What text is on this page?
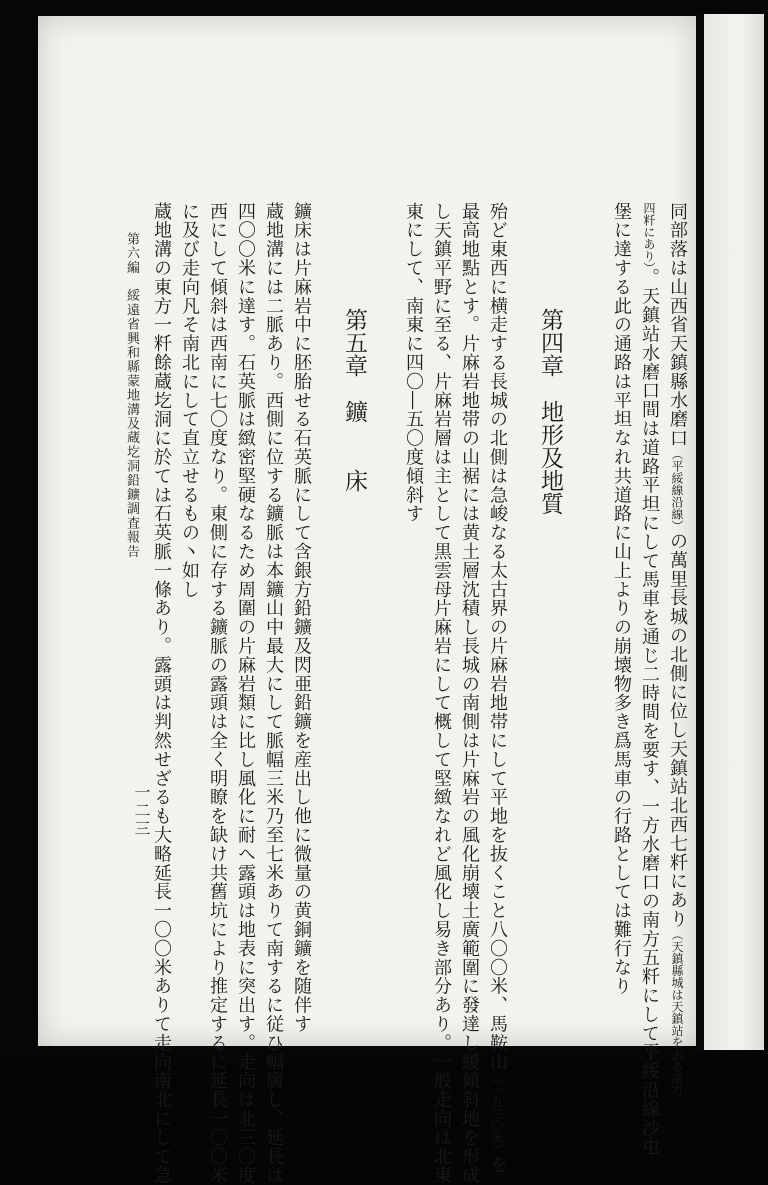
同部落は山西省天鎮縣水磨口（平綏線沿線）の萬里長城の北側に位し天鎮站北西七粁にあり（天鎮縣城は天鎮站を去る南方
四粁にあり）。天鎮站水磨口間は道路平坦にして馬車を通じ二時間を要す、一方水磨口の南方五粁にして平綏沿線沙屯
堡に達する此の通路は平坦なれ共道路に山上よりの崩壊物多き爲馬車の行路としては難行なり
第四章　地形及地質
殆ど東西に横走する長城の北側は急峻なる太古界の片麻岩地帯にして平地を抜くこと八〇〇米、馬鞍山（一九三〇米）を
最高地點とす。片麻岩地帯の山裾には黄土層沈積し長城の南側は片麻岩の風化崩壊土廣範圍に發達し緩傾斜地を形成
し天鎮平野に至る、片麻岩層は主として黒雲母片麻岩にして概して堅緻なれど風化し易き部分あり。一般走向は北東
東にして、南東に四〇―五〇度傾斜す
第五章　鑛　　床
鑛床は片麻岩中に胚胎せる石英脈にして含銀方鉛鑛及閃亜鉛鑛を産出し他に微量の黄銅鑛を随伴す
蔵地溝には二脈あり。西側に位する鑛脈は本鑛山中最大にして脈幅三米乃至七米ありて南するに従ひ幅廣し、延長は
四〇〇米に達す。石英脈は緻密堅硬なるため周圍の片麻岩類に比し風化に耐へ露頭は地表に突出す。走向は北三〇度
西にして傾斜は西南に七〇度なり。東側に存する鑛脈の露頭は全く明瞭を缺け共舊坑により推定するに延長一〇〇米
に及び走向凡そ南北にして直立せるもの丶如し
蔵地溝の東方一粁餘蔵圪洞に於ては石英脈一條あり。露頭は判然せざるも大略延長一〇〇米ありて走向南北にして急
第六編　綏遠省興和縣蒙地溝及蔵圪洞鉛鑛調査報告
一二三
